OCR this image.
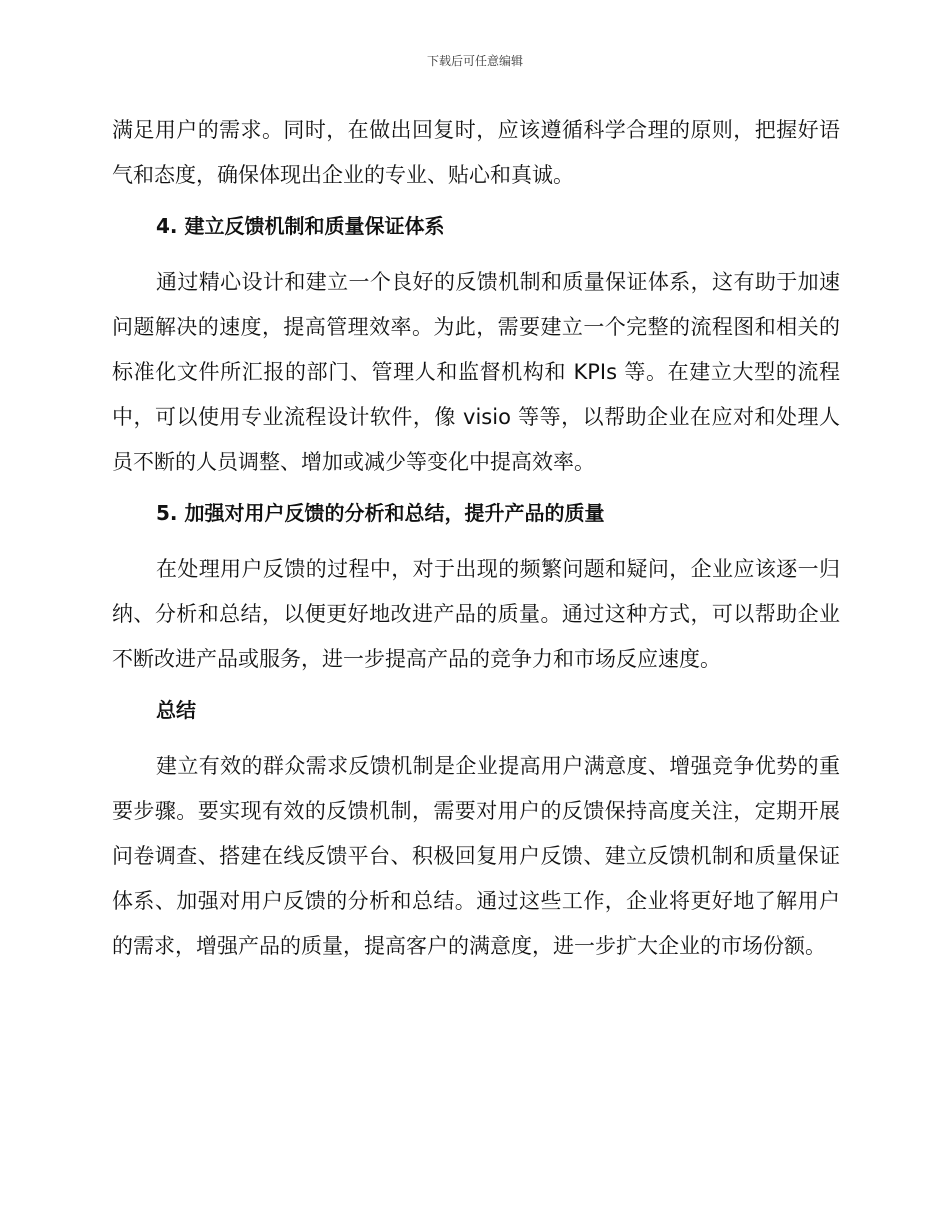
下载后可任意编辑

满足用户的需求。同时，在做出回复时，应该遵循科学合理的原则，把握好语气和态度，确保体现出企业的专业、贴心和真诚。

4. 建立反馈机制和质量保证体系

通过精心设计和建立一个良好的反馈机制和质量保证体系，这有助于加速问题解决的速度，提高管理效率。为此，需要建立一个完整的流程图和相关的标准化文件所汇报的部门、管理人和监督机构和 KPIs 等。在建立大型的流程中，可以使用专业流程设计软件，像 visio 等等，以帮助企业在应对和处理人员不断的人员调整、增加或减少等变化中提高效率。

5. 加强对用户反馈的分析和总结，提升产品的质量

在处理用户反馈的过程中，对于出现的频繁问题和疑问，企业应该逐一归纳、分析和总结，以便更好地改进产品的质量。通过这种方式，可以帮助企业不断改进产品或服务，进一步提高产品的竞争力和市场反应速度。

总结

建立有效的群众需求反馈机制是企业提高用户满意度、增强竞争优势的重要步骤。要实现有效的反馈机制，需要对用户的反馈保持高度关注，定期开展问卷调查、搭建在线反馈平台、积极回复用户反馈、建立反馈机制和质量保证体系、加强对用户反馈的分析和总结。通过这些工作，企业将更好地了解用户的需求，增强产品的质量，提高客户的满意度，进一步扩大企业的市场份额。
